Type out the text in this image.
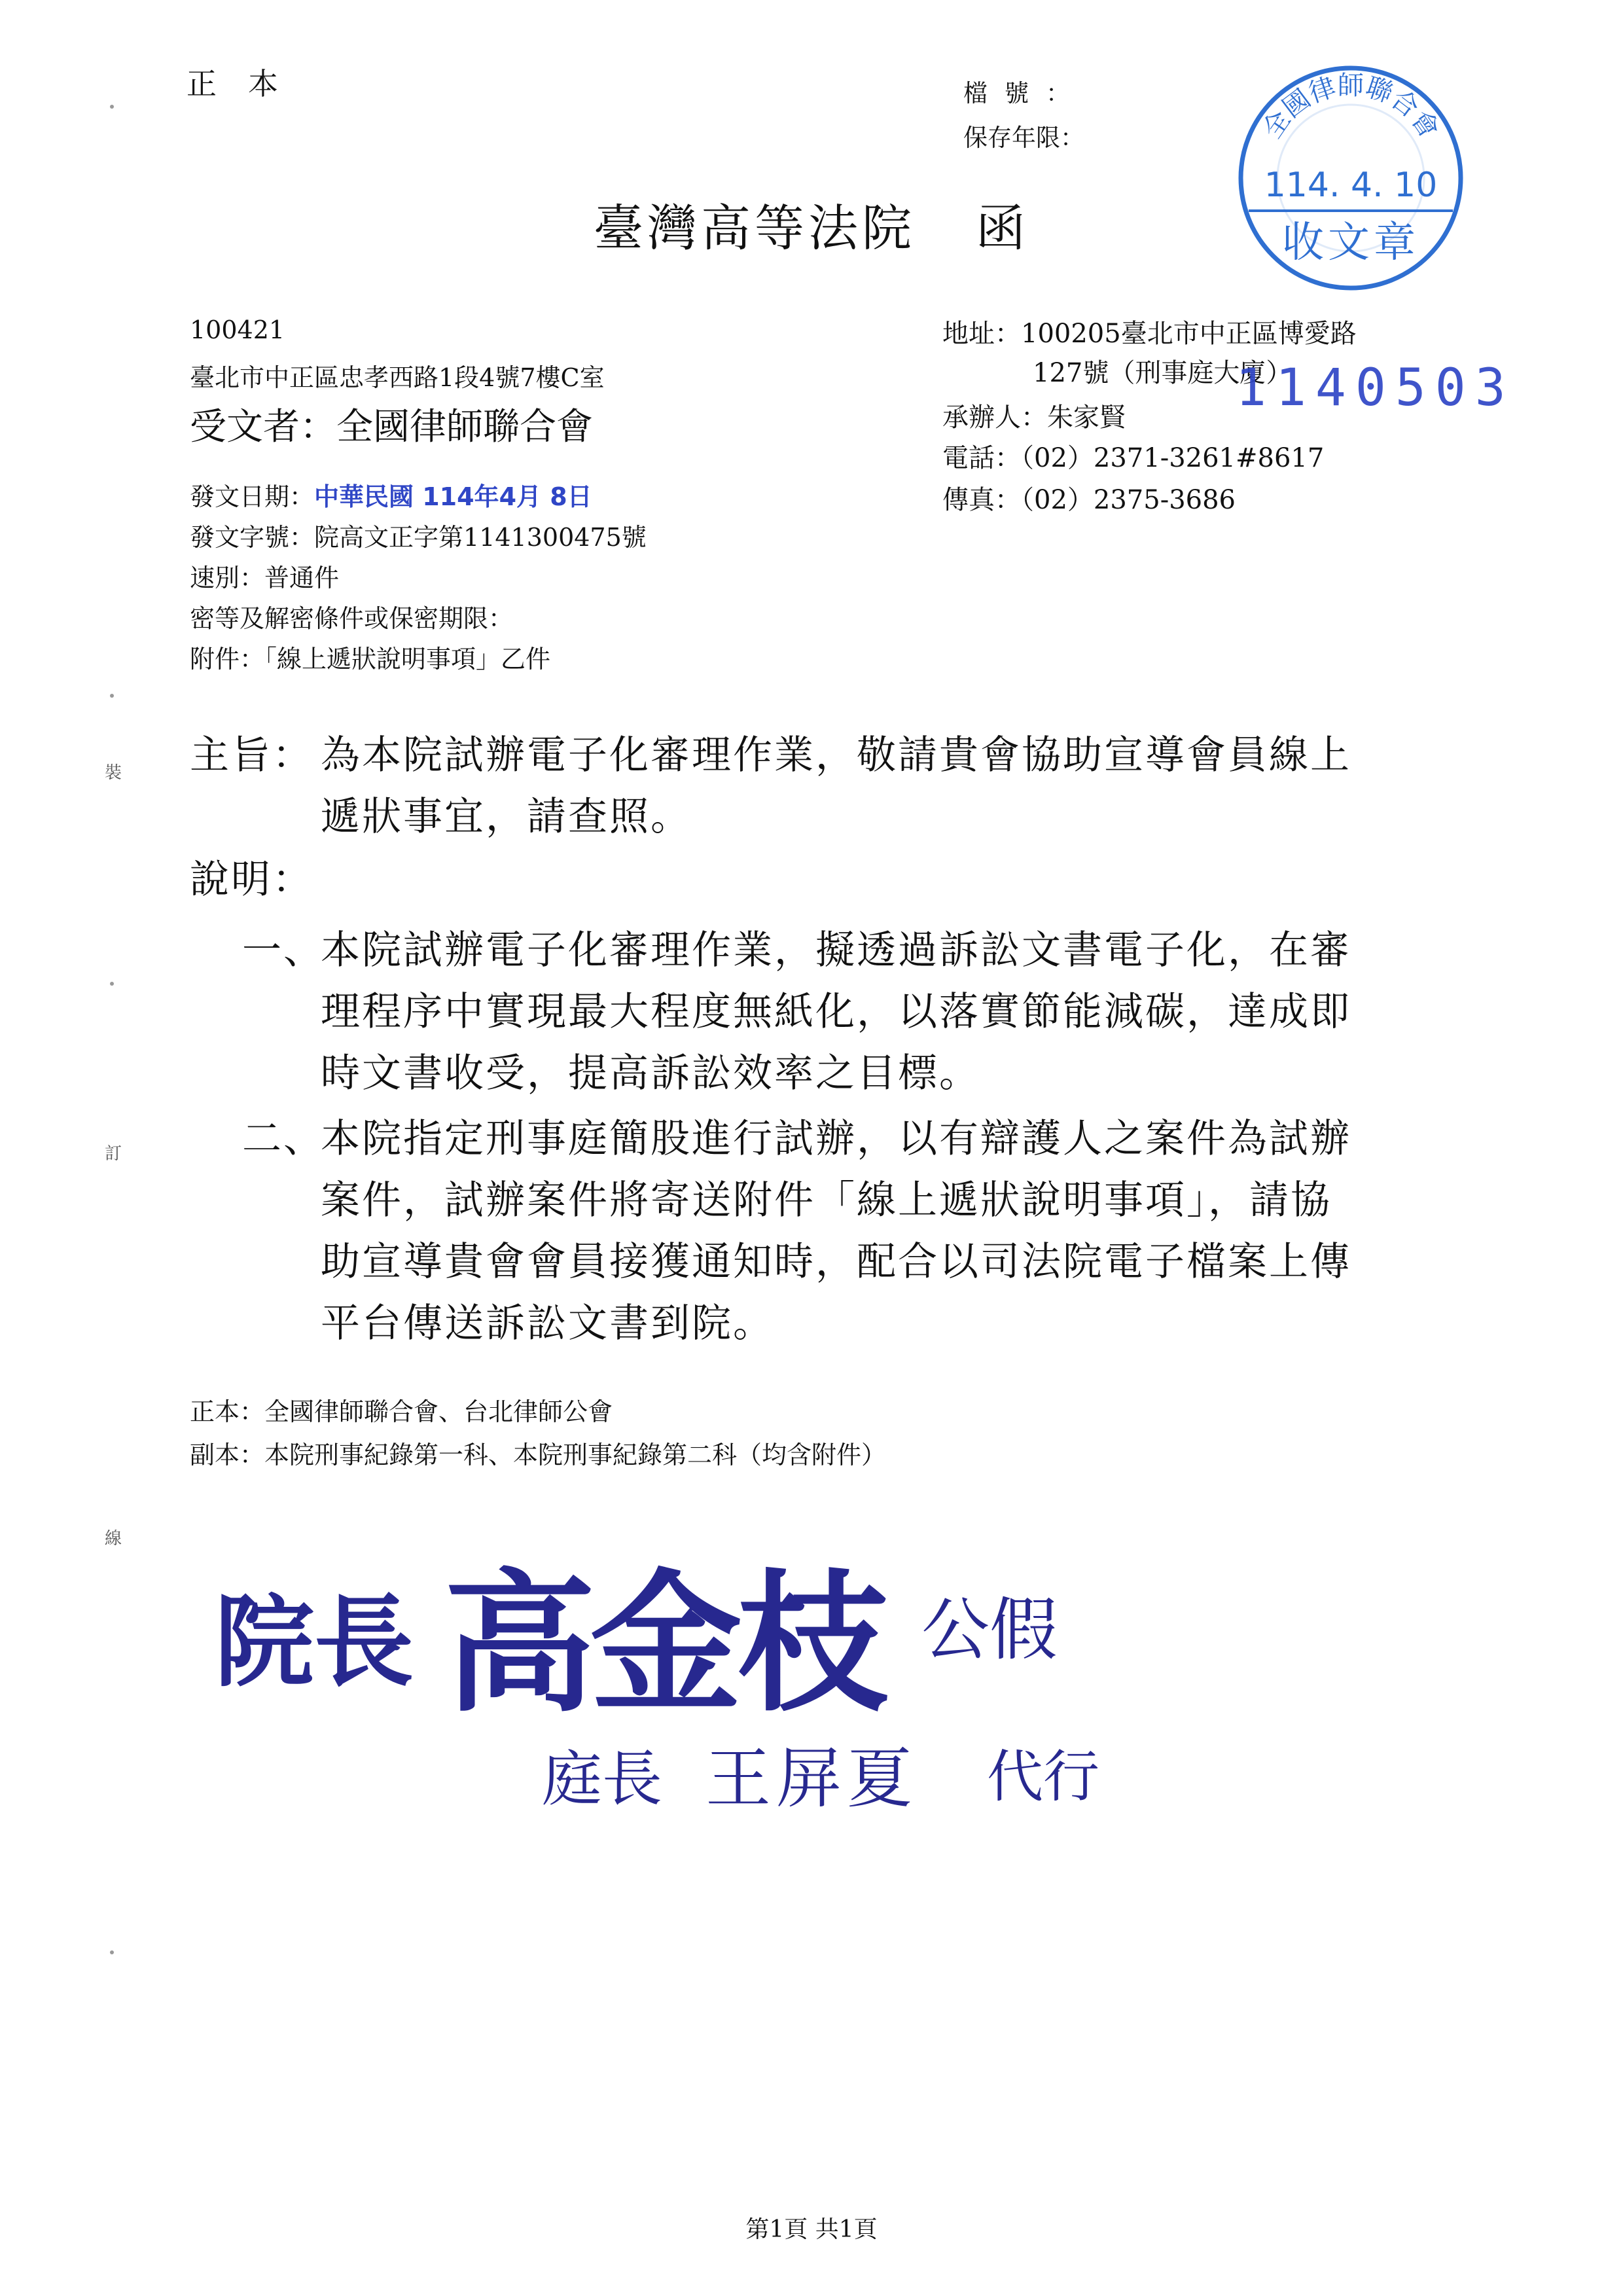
正本	檔號：
保存年限：	全國律師聯合會
114. 4. 10
收文章
臺灣高等法院 函
100421
臺北市中正區忠孝西路1段4號7樓C室
受文者：全國律師聯合會
地址：100205臺北市中正區博愛路
127號（刑事庭大廈）
承辦人：朱家賢
電話：（02）2371-3261#8617
傳真：（02）2375-3686
1140503
發文日期：中華民國 114年4月 8日
發文字號：院高文正字第1141300475號
速別：普通件
密等及解密條件或保密期限：
附件：「線上遞狀說明事項」乙件
主旨： 為本院試辦電子化審理作業，敬請貴會協助宣導會員線上
遞狀事宜，請查照。
說明：
一、
本院試辦電子化審理作業，擬透過訴訟文書電子化，在審
理程序中實現最大程度無紙化，以落實節能減碳，達成即
時文書收受，提高訴訟效率之目標。
二、
本院指定刑事庭簡股進行試辦，以有辯護人之案件為試辦
案件，試辦案件將寄送附件「線上遞狀說明事項」，請協
助宣導貴會會員接獲通知時，配合以司法院電子檔案上傳
平台傳送訴訟文書到院。
正本：全國律師聯合會、台北律師公會
副本：本院刑事紀錄第一科、本院刑事紀錄第二科（均含附件）
裝
訂
線
院長 高金枝 公假
庭長 王屏夏 代行
第1頁 共1頁
